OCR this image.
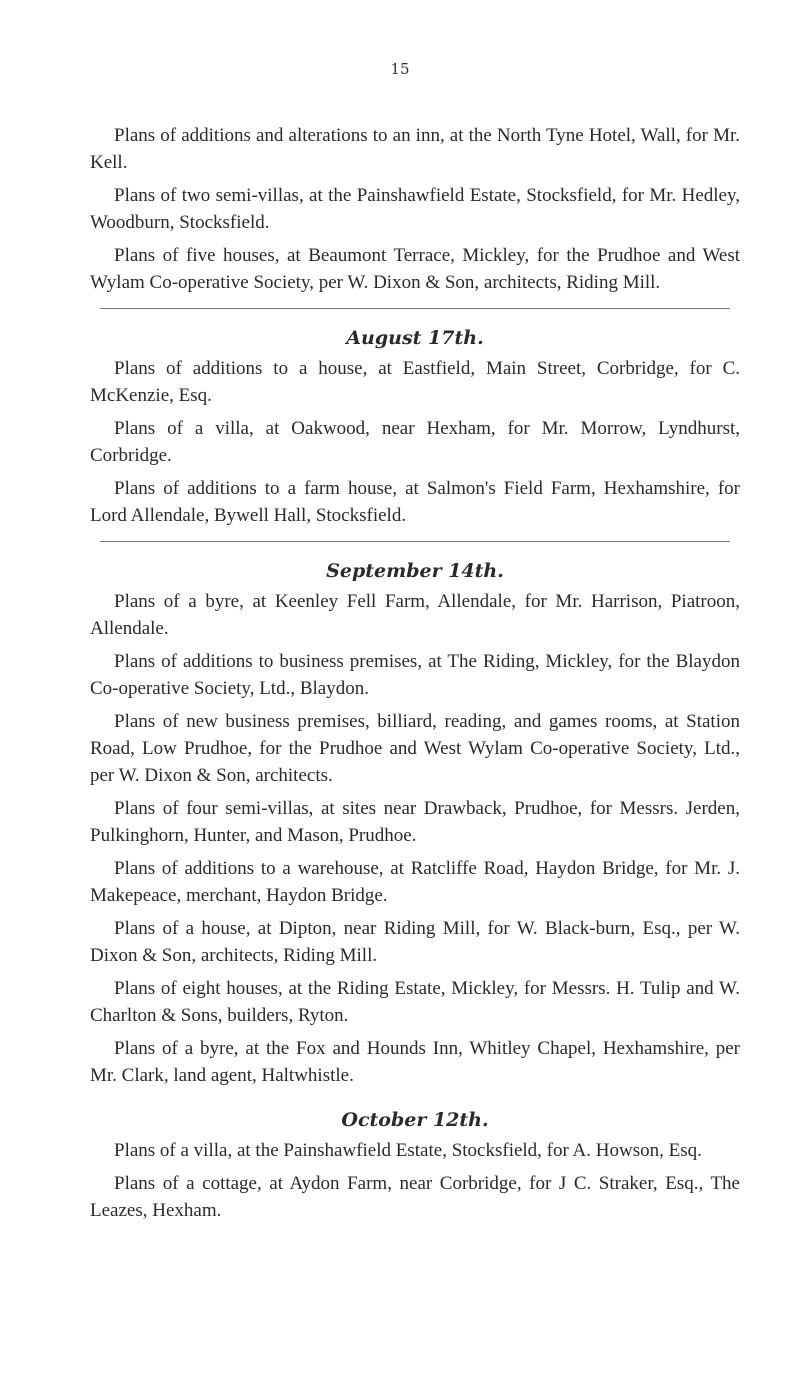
15

Plans of additions and alterations to an inn, at the North Tyne Hotel, Wall, for Mr. Kell.

Plans of two semi-villas, at the Painshawfield Estate, Stocksfield, for Mr. Hedley, Woodburn, Stocksfield.

Plans of five houses, at Beaumont Terrace, Mickley, for the Prudhoe and West Wylam Co-operative Society, per W. Dixon & Son, architects, Riding Mill.

August 17th.

Plans of additions to a house, at Eastfield, Main Street, Corbridge, for C. McKenzie, Esq.

Plans of a villa, at Oakwood, near Hexham, for Mr. Morrow, Lyndhurst, Corbridge.

Plans of additions to a farm house, at Salmon's Field Farm, Hexhamshire, for Lord Allendale, Bywell Hall, Stocksfield.

September 14th.

Plans of a byre, at Keenley Fell Farm, Allendale, for Mr. Harrison, Piatroon, Allendale.

Plans of additions to business premises, at The Riding, Mickley, for the Blaydon Co-operative Society, Ltd., Blaydon.

Plans of new business premises, billiard, reading, and games rooms, at Station Road, Low Prudhoe, for the Prudhoe and West Wylam Co-operative Society, Ltd., per W. Dixon & Son, architects.

Plans of four semi-villas, at sites near Drawback, Prudhoe, for Messrs. Jerden, Pulkinghorn, Hunter, and Mason, Prudhoe.

Plans of additions to a warehouse, at Ratcliffe Road, Haydon Bridge, for Mr. J. Makepeace, merchant, Haydon Bridge.

Plans of a house, at Dipton, near Riding Mill, for W. Black-burn, Esq., per W. Dixon & Son, architects, Riding Mill.

Plans of eight houses, at the Riding Estate, Mickley, for Messrs. H. Tulip and W. Charlton & Sons, builders, Ryton.

Plans of a byre, at the Fox and Hounds Inn, Whitley Chapel, Hexhamshire, per Mr. Clark, land agent, Haltwhistle.

October 12th.

Plans of a villa, at the Painshawfield Estate, Stocksfield, for A. Howson, Esq.

Plans of a cottage, at Aydon Farm, near Corbridge, for J C. Straker, Esq., The Leazes, Hexham.
